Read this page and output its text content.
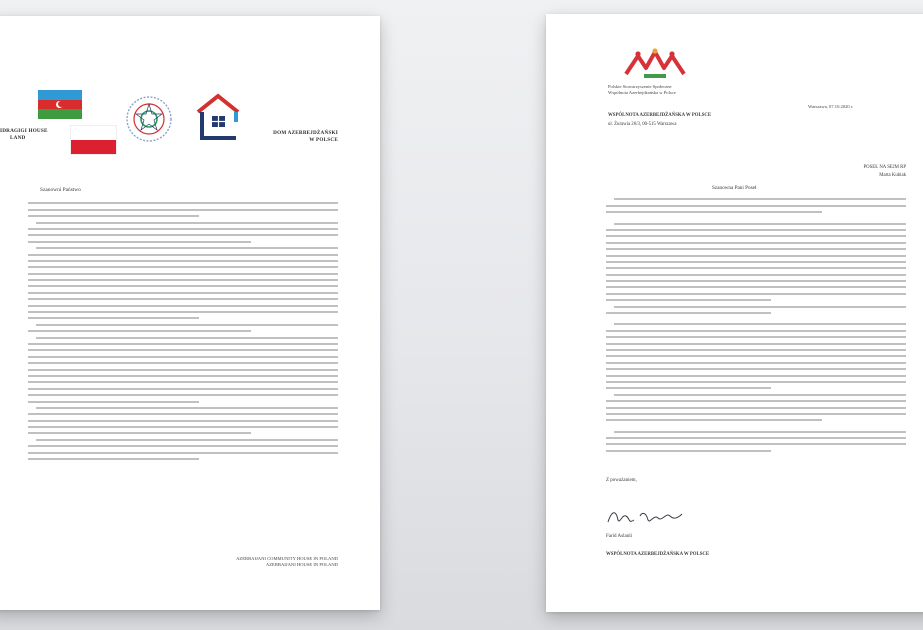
IDRAGIGI HOUSE
LAND
DOM AZERBEJDŻAŃSKI
W POLSCE
Szanowni Państwo
AZERBAIJANI COMMUNITY HOUSE IN POLAND
AZERBAIJANI HOUSE IN POLAND
Polskie Stowarzyszenie Społeczne
Wspólnota Azerbejdżańska w Polsce
Warszawa, 07.10.2020 r.
WSPÓLNOTA AZERBEJDŻAŃSKA W POLSCE
ul. Żurawia 26/3, 00-515 Warszawa
POSEŁ NA SEJM RP
Marta Kubiak
Szanowna Pani Poseł
Z poważaniem,
Farid Aslanli
WSPÓLNOTA AZERBEJDŻAŃSKA W POLSCE
